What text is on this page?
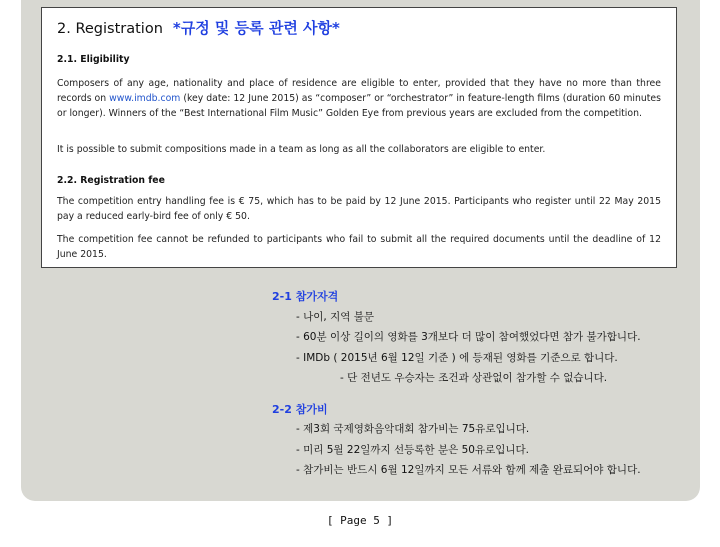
2. Registration *규정 및 등록 관련 사항*
2.1. Eligibility
Composers of any age, nationality and place of residence are eligible to enter, provided that they have no more than three records on www.imdb.com (key date: 12 June 2015) as “composer” or “orchestrator” in feature-length films (duration 60 minutes or longer). Winners of the “Best International Film Music” Golden Eye from previous years are excluded from the competition.
It is possible to submit compositions made in a team as long as all the collaborators are eligible to enter.
2.2. Registration fee
The competition entry handling fee is € 75, which has to be paid by 12 June 2015. Participants who register until 22 May 2015 pay a reduced early-bird fee of only € 50.
The competition fee cannot be refunded to participants who fail to submit all the required documents until the deadline of 12 June 2015.
2-1 참가자격
- 나이, 지역 불문
- 60분 이상 길이의 영화를 3개보다 더 많이 참여했었다면 참가 불가합니다.
- IMDb ( 2015년 6월 12일 기준 ) 에 등재된 영화를 기준으로 합니다.
- 단 전년도 우승자는 조건과 상관없이 참가할 수 없습니다.
2-2 참가비
- 제3회 국제영화음악대회 참가비는 75유로입니다.
- 미리 5월 22일까지 선등록한 분은 50유로입니다.
- 참가비는 반드시 6월 12일까지 모든 서류와 함께 제출 완료되어야 합니다.
[ Page 5 ]
